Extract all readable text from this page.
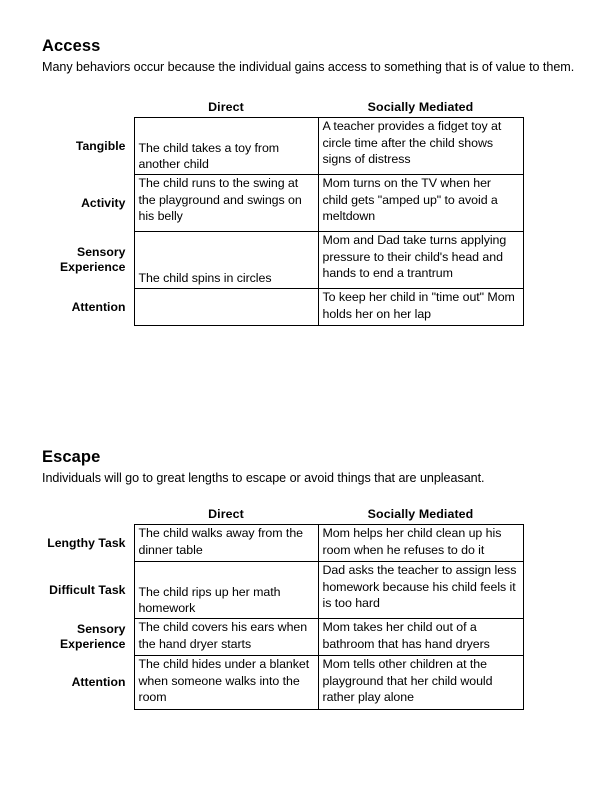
Access

Many behaviors occur because the individual gains access to something that is of value to them.

	Direct	Socially Mediated
Tangible	The child takes a toy from another child	A teacher provides a fidget toy at circle time after the child shows signs of distress
Activity	The child runs to the swing at the playground and swings on his belly	Mom turns on the TV when her child gets "amped up" to avoid a meltdown
Sensory Experience	The child spins in circles	Mom and Dad take turns applying pressure to their child's head and hands to end a trantrum
Attention		To keep her child in "time out" Mom holds her on her lap
Escape

Individuals will go to great lengths to escape or avoid things that are unpleasant.

	Direct	Socially Mediated
Lengthy Task	The child walks away from the dinner table	Mom helps her child clean up his room when he refuses to do it
Difficult Task	The child rips up her math homework	Dad asks the teacher to assign less homework because his child feels it is too hard
Sensory Experience	The child covers his ears when the hand dryer starts	Mom takes her child out of a bathroom that has hand dryers
Attention	The child hides under a blanket when someone walks into the room	Mom tells other children at the playground that her child would rather play alone
